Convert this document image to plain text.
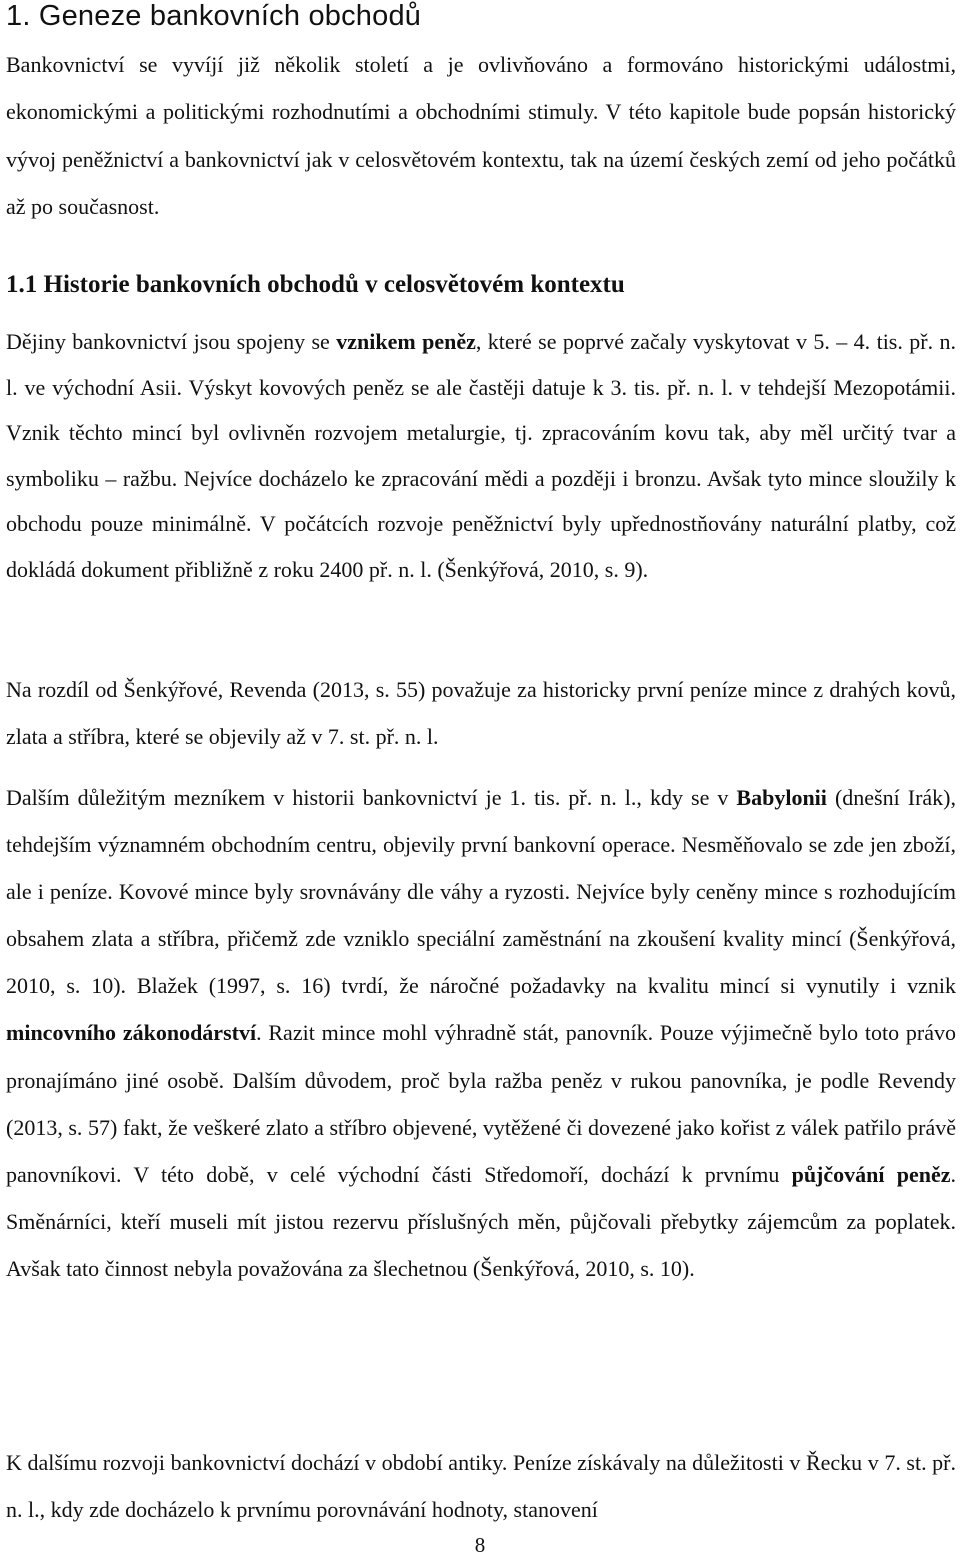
1. Geneze bankovních obchodů

Bankovnictví se vyvíjí již několik století a je ovlivňováno a formováno historickými událostmi, ekonomickými a politickými rozhodnutími a obchodními stimuly. V této kapitole bude popsán historický vývoj peněžnictví a bankovnictví jak v celosvětovém kontextu, tak na území českých zemí od jeho počátků až po současnost.

1.1 Historie bankovních obchodů v celosvětovém kontextu

Dějiny bankovnictví jsou spojeny se vznikem peněz, které se poprvé začaly vyskytovat v 5. – 4. tis. př. n. l. ve východní Asii. Výskyt kovových peněz se ale častěji datuje k 3. tis. př. n. l. v tehdejší Mezopotámii. Vznik těchto mincí byl ovlivněn rozvojem metalurgie, tj. zpracováním kovu tak, aby měl určitý tvar a symboliku – ražbu. Nejvíce docházelo ke zpracování mědi a později i bronzu. Avšak tyto mince sloužily k obchodu pouze minimálně. V počátcích rozvoje peněžnictví byly upřednostňovány naturální platby, což dokládá dokument přibližně z roku 2400 př. n. l. (Šenkýřová, 2010, s. 9).

Na rozdíl od Šenkýřové, Revenda (2013, s. 55) považuje za historicky první peníze mince z drahých kovů, zlata a stříbra, které se objevily až v 7. st. př. n. l.

Dalším důležitým mezníkem v historii bankovnictví je 1. tis. př. n. l., kdy se v Babylonii (dnešní Irák), tehdejším významném obchodním centru, objevily první bankovní operace. Nesměňovalo se zde jen zboží, ale i peníze. Kovové mince byly srovnávány dle váhy a ryzosti. Nejvíce byly ceněny mince s rozhodujícím obsahem zlata a stříbra, přičemž zde vzniklo speciální zaměstnání na zkoušení kvality mincí (Šenkýřová, 2010, s. 10). Blažek (1997, s. 16) tvrdí, že náročné požadavky na kvalitu mincí si vynutily i vznik mincovního zákonodárství. Razit mince mohl výhradně stát, panovník. Pouze výjimečně bylo toto právo pronajímáno jiné osobě. Dalším důvodem, proč byla ražba peněz v rukou panovníka, je podle Revendy (2013, s. 57) fakt, že veškeré zlato a stříbro objevené, vytěžené či dovezené jako kořist z válek patřilo právě panovníkovi. V této době, v celé východní části Středomoří, dochází k prvnímu půjčování peněz. Směnárníci, kteří museli mít jistou rezervu příslušných měn, půjčovali přebytky zájemcům za poplatek. Avšak tato činnost nebyla považována za šlechetnou (Šenkýřová, 2010, s. 10).

K dalšímu rozvoji bankovnictví dochází v období antiky. Peníze získávaly na důležitosti v Řecku v 7. st. př. n. l., kdy zde docházelo k prvnímu porovnávání hodnoty, stanovení

8
